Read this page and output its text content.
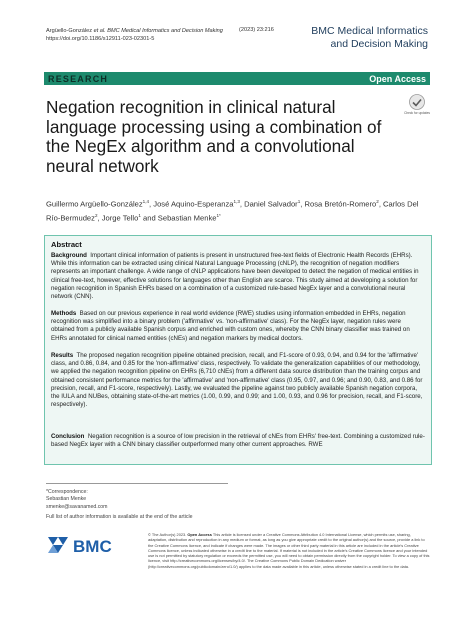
Argüello-González et al. BMC Medical Informatics and Decision Making
https://doi.org/10.1186/s12911-023-02301-5
(2023) 23:216	BMC Medical Informatics
and Decision Making
RESEARCH	Open Access
Check for updates
Negation recognition in clinical natural language processing using a combination of the NegEx algorithm and a convolutional neural network
Guillermo Argüello-González$^{1,4}$, José Aquino-Esperanza$^{1,3}$, Daniel Salvador$^1$, Rosa Bretón-Romero$^2$, Carlos Del Río-Bermudez$^2$, Jorge Tello$^1$ and Sebastian Menke$^{1*}$
Abstract
Background Important clinical information of patients is present in unstructured free-text fields of Electronic Health Records (EHRs). While this information can be extracted using clinical Natural Language Processing (cNLP), the recognition of negation modifiers represents an important challenge. A wide range of cNLP applications have been developed to detect the negation of medical entities in clinical free-text, however, effective solutions for languages other than English are scarce. This study aimed at developing a solution for negation recognition in Spanish EHRs based on a combination of a customized rule-based NegEx layer and a convolutional neural network (CNN).
Methods Based on our previous experience in real world evidence (RWE) studies using information embedded in EHRs, negation recognition was simplified into a binary problem ('affirmative' vs. 'non-affirmative' class). For the NegEx layer, negation rules were obtained from a publicly available Spanish corpus and enriched with custom ones, whereby the CNN binary classifier was trained on EHRs annotated for clinical named entities (cNEs) and negation markers by medical doctors.
Results The proposed negation recognition pipeline obtained precision, recall, and F1-score of 0.93, 0.94, and 0.94 for the 'affirmative' class, and 0.86, 0.84, and 0.85 for the 'non-affirmative' class, respectively. To validate the generalization capabilities of our methodology, we applied the negation recognition pipeline on EHRs (6,710 cNEs) from a different data source distribution than the training corpus and obtained consistent performance metrics for the 'affirmative' and 'non-affirmative' class (0.95, 0.97, and 0.96; and 0.90, 0.83, and 0.86 for precision, recall, and F1-score, respectively). Lastly, we evaluated the pipeline against two publicly available Spanish negation corpora, the IULA and NUBes, obtaining state-of-the-art metrics (1.00, 0.99, and 0.99; and 1.00, 0.93, and 0.96 for precision, recall, and F1-score, respectively).
Conclusion Negation recognition is a source of low precision in the retrieval of cNEs from EHRs' free-text. Combining a customized rule-based NegEx layer with a CNN binary classifier outperformed many other current approaches. RWE
*Correspondence:
Sebastian Menke
smenke@savanamed.com
Full list of author information is available at the end of the article
BMC
© The Author(s) 2023. Open Access This article is licensed under a Creative Commons Attribution 4.0 International License, which permits use, sharing, adaptation, distribution and reproduction in any medium or format, as long as you give appropriate credit to the original author(s) and the source, provide a link to the Creative Commons licence, and indicate if changes were made. The images or other third party material in this article are included in the article's Creative Commons licence, unless indicated otherwise in a credit line to the material. If material is not included in the article's Creative Commons licence and your intended use is not permitted by statutory regulation or exceeds the permitted use, you will need to obtain permission directly from the copyright holder. To view a copy of this licence, visit http://creativecommons.org/licenses/by/4.0/. The Creative Commons Public Domain Dedication waiver (http://creativecommons.org/publicdomain/zero/1.0/) applies to the data made available in this article, unless otherwise stated in a credit line to the data.
